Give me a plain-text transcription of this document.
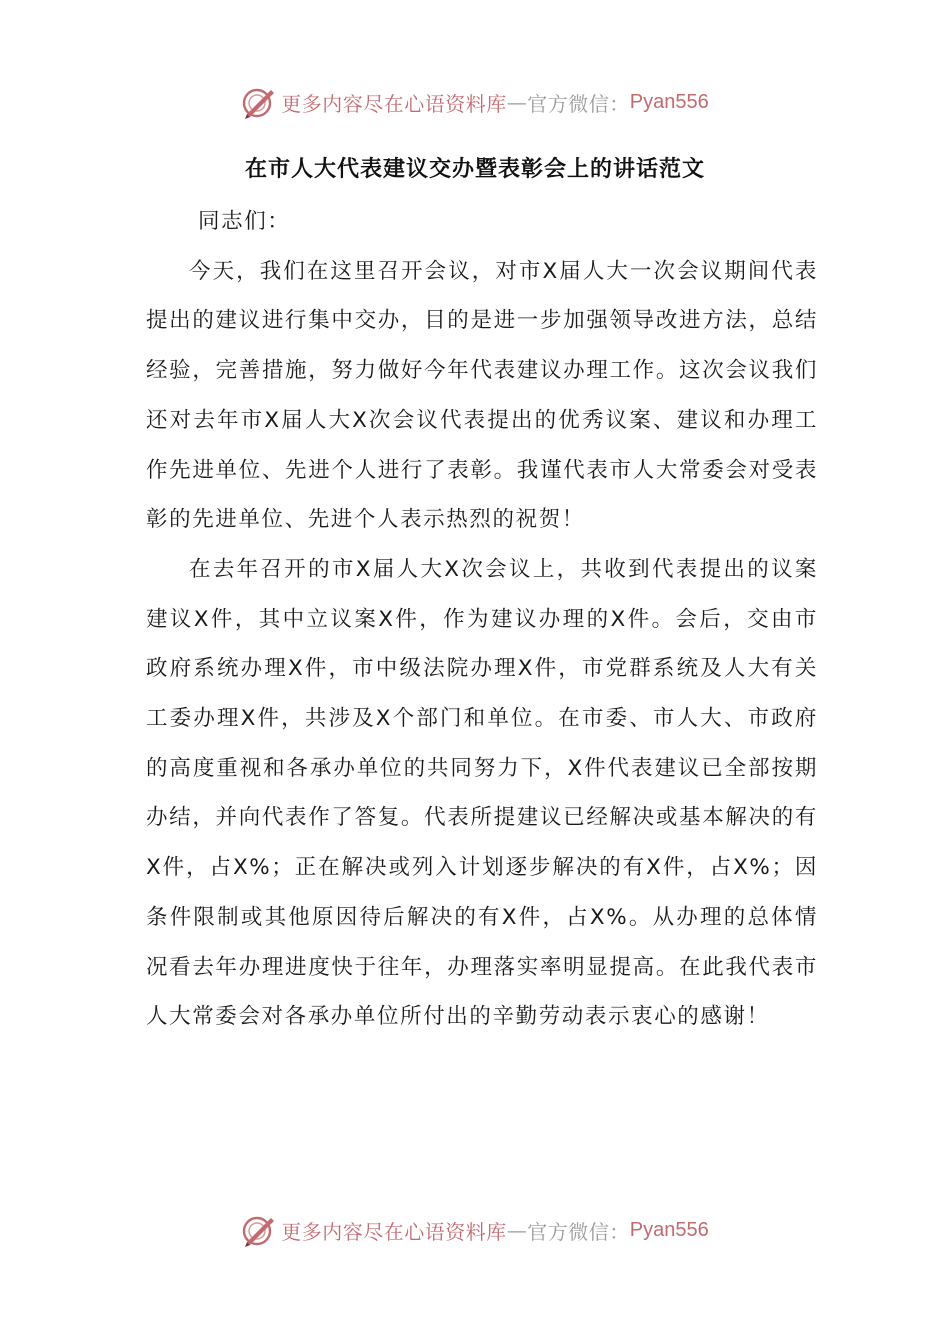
更多内容尽在心语资料库 — 官方微信： Pyan556
在市人大代表建议交办暨表彰会上的讲话范文

同志们：

今天，我们在这里召开会议，对市X届人大一次会议期间代表提出的建议进行集中交办，目的是进一步加强领导改进方法，总结经验，完善措施，努力做好今年代表建议办理工作。这次会议我们还对去年市X届人大X次会议代表提出的优秀议案、建议和办理工作先进单位、先进个人进行了表彰。我谨代表市人大常委会对受表彰的先进单位、先进个人表示热烈的祝贺！

在去年召开的市X届人大X次会议上，共收到代表提出的议案建议X件，其中立议案X件，作为建议办理的X件。会后，交由市政府系统办理X件，市中级法院办理X件，市党群系统及人大有关工委办理X件，共涉及X个部门和单位。在市委、市人大、市政府的高度重视和各承办单位的共同努力下，X件代表建议已全部按期办结，并向代表作了答复。代表所提建议已经解决或基本解决的有X件，占X%；正在解决或列入计划逐步解决的有X件，占X%；因条件限制或其他原因待后解决的有X件，占X%。从办理的总体情况看去年办理进度快于往年，办理落实率明显提高。在此我代表市人大常委会对各承办单位所付出的辛勤劳动表示衷心的感谢！

更多内容尽在心语资料库 — 官方微信： Pyan556
